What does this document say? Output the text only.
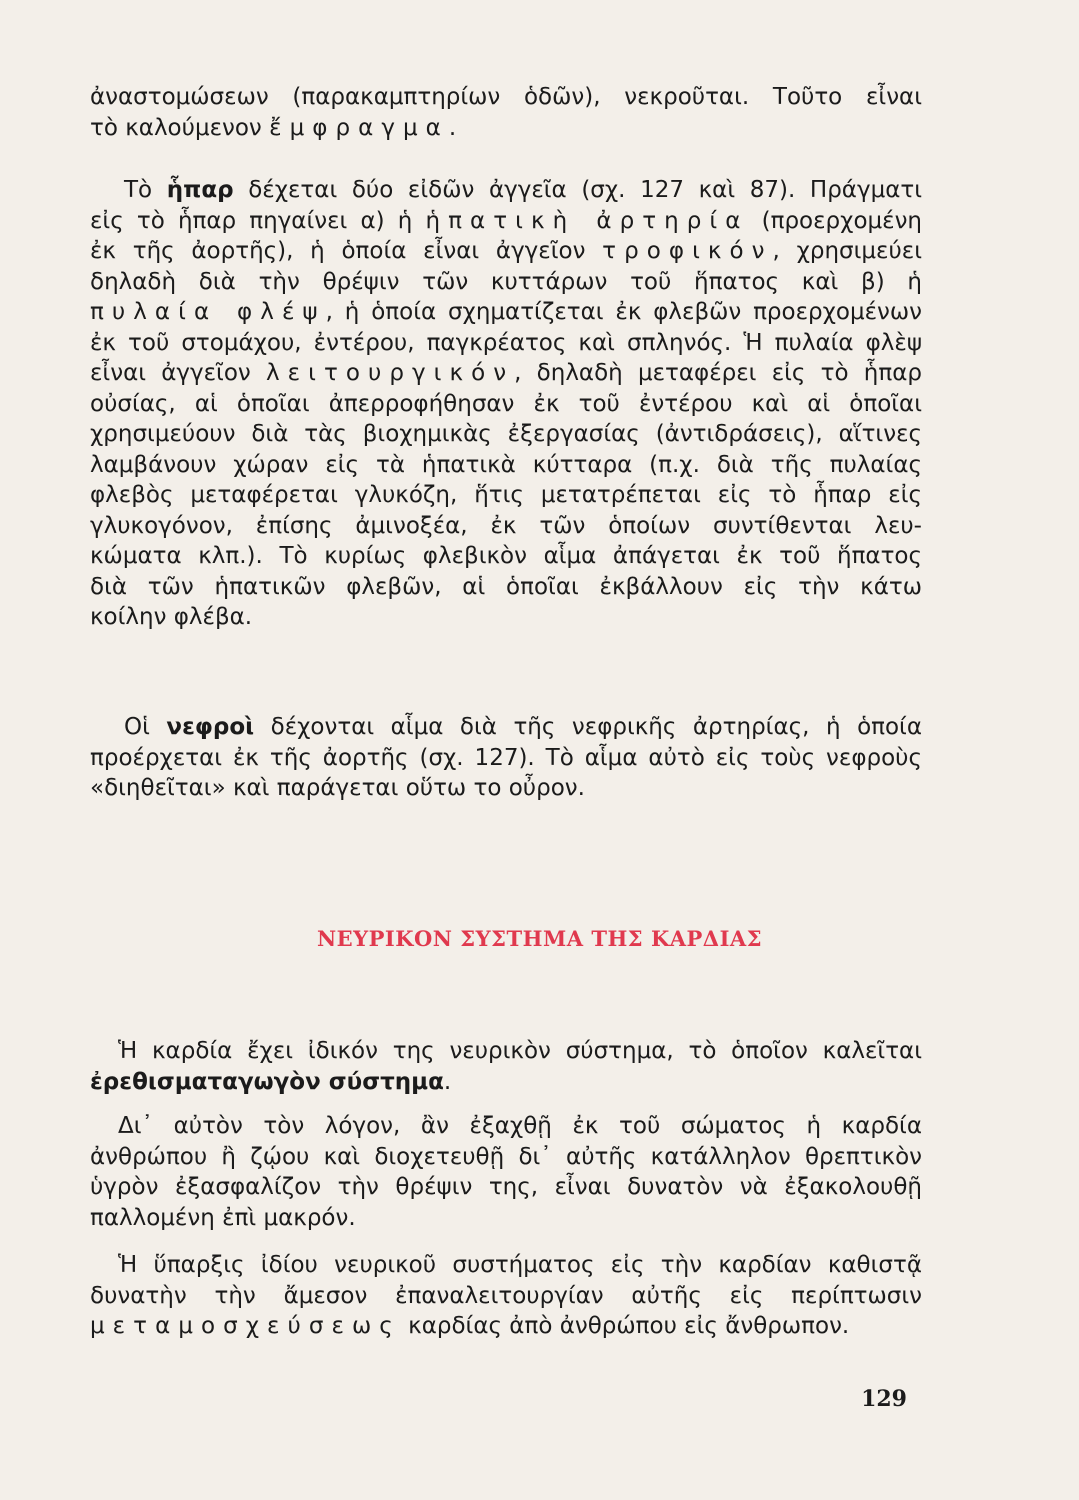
ἀναστομώσεων (παρακαμπτηρίων ὁδῶν), νεκροῦται. Τοῦτο εἶναι
τὸ καλούμενον ἔμφραγμα.

Τὸ ἧπαρ δέχεται δύο εἰδῶν ἀγγεῖα (σχ. 127 καὶ 87). Πράγματι
εἰς τὸ ἧπαρ πηγαίνει α) ἡ ἡπατικὴ ἀρτηρία (προερχομένη
ἐκ τῆς ἀορτῆς), ἡ ὁποία εἶναι ἀγγεῖον τροφικόν, χρησιμεύει
δηλαδὴ διὰ τὴν θρέψιν τῶν κυττάρων τοῦ ἥπατος καὶ β) ἡ
πυλαία φλέψ, ἡ ὁποία σχηματίζεται ἐκ φλεβῶν προερχομένων
ἐκ τοῦ στομάχου, ἐντέρου, παγκρέατος καὶ σπληνός. Ἡ πυλαία φλὲψ
εἶναι ἀγγεῖον λειτουργικόν, δηλαδὴ μεταφέρει εἰς τὸ ἧπαρ
οὐσίας, αἱ ὁποῖαι ἀπερροφήθησαν ἐκ τοῦ ἐντέρου καὶ αἱ ὁποῖαι
χρησιμεύουν διὰ τὰς βιοχημικὰς ἐξεργασίας (ἀντιδράσεις), αἵτινες
λαμβάνουν χώραν εἰς τὰ ἡπατικὰ κύτταρα (π.χ. διὰ τῆς πυλαίας
φλεβὸς μεταφέρεται γλυκόζη, ἥτις μετατρέπεται εἰς τὸ ἧπαρ εἰς
γλυκογόνον, ἐπίσης ἀμινοξέα, ἐκ τῶν ὁποίων συντίθενται λευ-
κώματα κλπ.). Τὸ κυρίως φλεβικὸν αἷμα ἀπάγεται ἐκ τοῦ ἥπατος
διὰ τῶν ἡπατικῶν φλεβῶν, αἱ ὁποῖαι ἐκβάλλουν εἰς τὴν κάτω
κοίλην φλέβα.

Οἱ νεφροὶ δέχονται αἷμα διὰ τῆς νεφρικῆς ἀρτηρίας, ἡ ὁποία
προέρχεται ἐκ τῆς ἀορτῆς (σχ. 127). Τὸ αἷμα αὐτὸ εἰς τοὺς νεφροὺς
«διηθεῖται» καὶ παράγεται οὕτω το οὖρον.

ΝΕΥΡΙΚΟΝ ΣΥΣΤΗΜΑ ΤΗΣ ΚΑΡΔΙΑΣ

Ἡ καρδία ἔχει ἰδικόν της νευρικὸν σύστημα, τὸ ὁποῖον καλεῖται
ἐρεθισματαγωγὸν σύστημα.

Δι᾿ αὐτὸν τὸν λόγον, ἂν ἐξαχθῇ ἐκ τοῦ σώματος ἡ καρδία
ἀνθρώπου ἢ ζῴου καὶ διοχετευθῇ δι᾿ αὐτῆς κατάλληλον θρεπτικὸν
ὑγρὸν ἐξασφαλίζον τὴν θρέψιν της, εἶναι δυνατὸν νὰ ἐξακολουθῇ
παλλομένη ἐπὶ μακρόν.

Ἡ ὕπαρξις ἰδίου νευρικοῦ συστήματος εἰς τὴν καρδίαν καθιστᾷ
δυνατὴν τὴν ἄμεσον ἐπαναλειτουργίαν αὐτῆς εἰς περίπτωσιν
μεταμοσχεύσεως καρδίας ἀπὸ ἀνθρώπου εἰς ἄνθρωπον.

129
